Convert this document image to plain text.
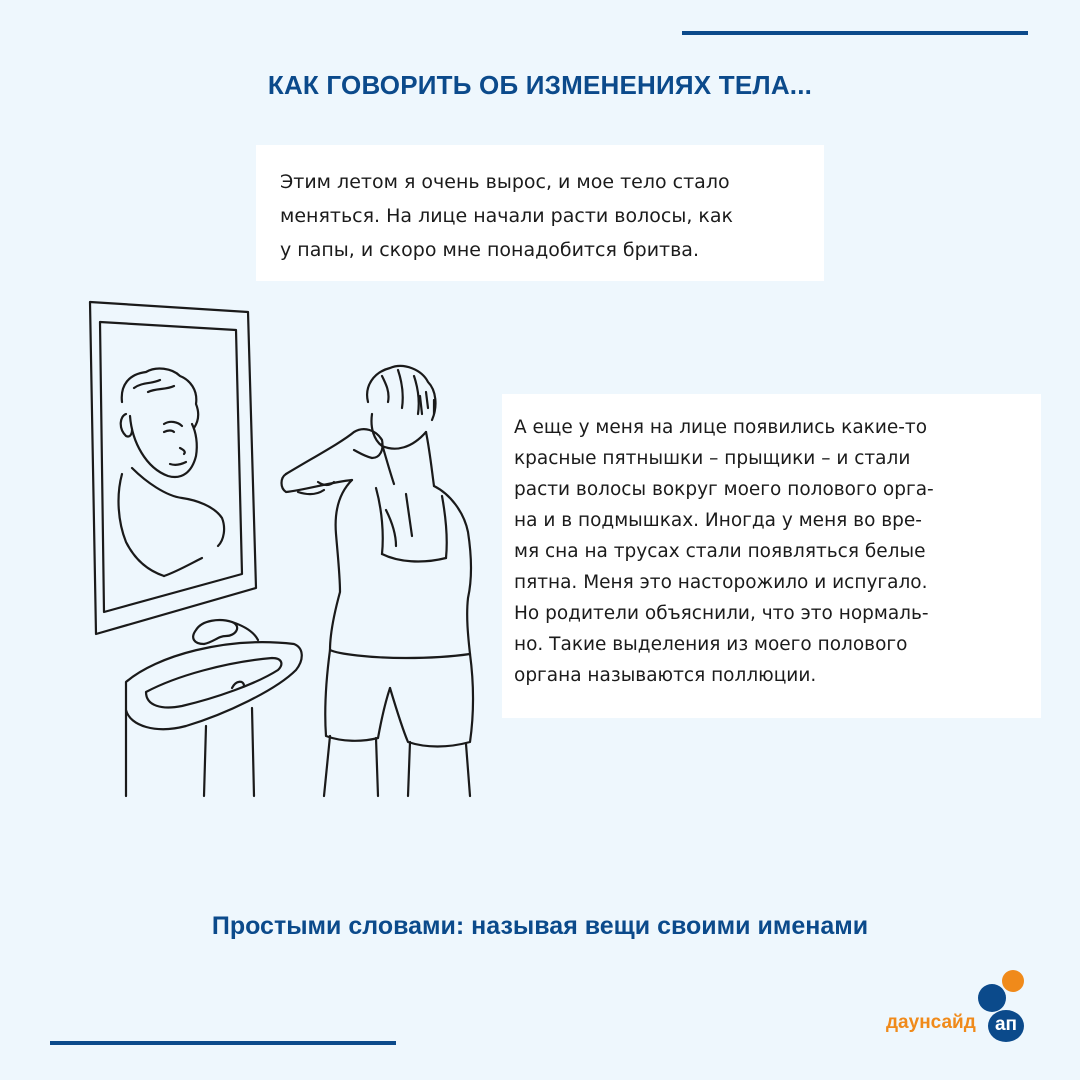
КАК ГОВОРИТЬ ОБ ИЗМЕНЕНИЯХ ТЕЛА...

Этим летом я очень вырос, и мое тело стало
меняться. На лице начали расти волосы, как
у папы, и скоро мне понадобится бритва.

А еще у меня на лице появились какие-то
красные пятнышки – прыщики – и стали
расти волосы вокруг моего полового орга-
на и в подмышках. Иногда у меня во вре-
мя сна на трусах стали появляться белые
пятна. Меня это насторожило и испугало.
Но родители объяснили, что это нормаль-
но. Такие выделения из моего полового
органа называются поллюции.

Простыми словами: называя вещи своими именами
даунсайд	ап
